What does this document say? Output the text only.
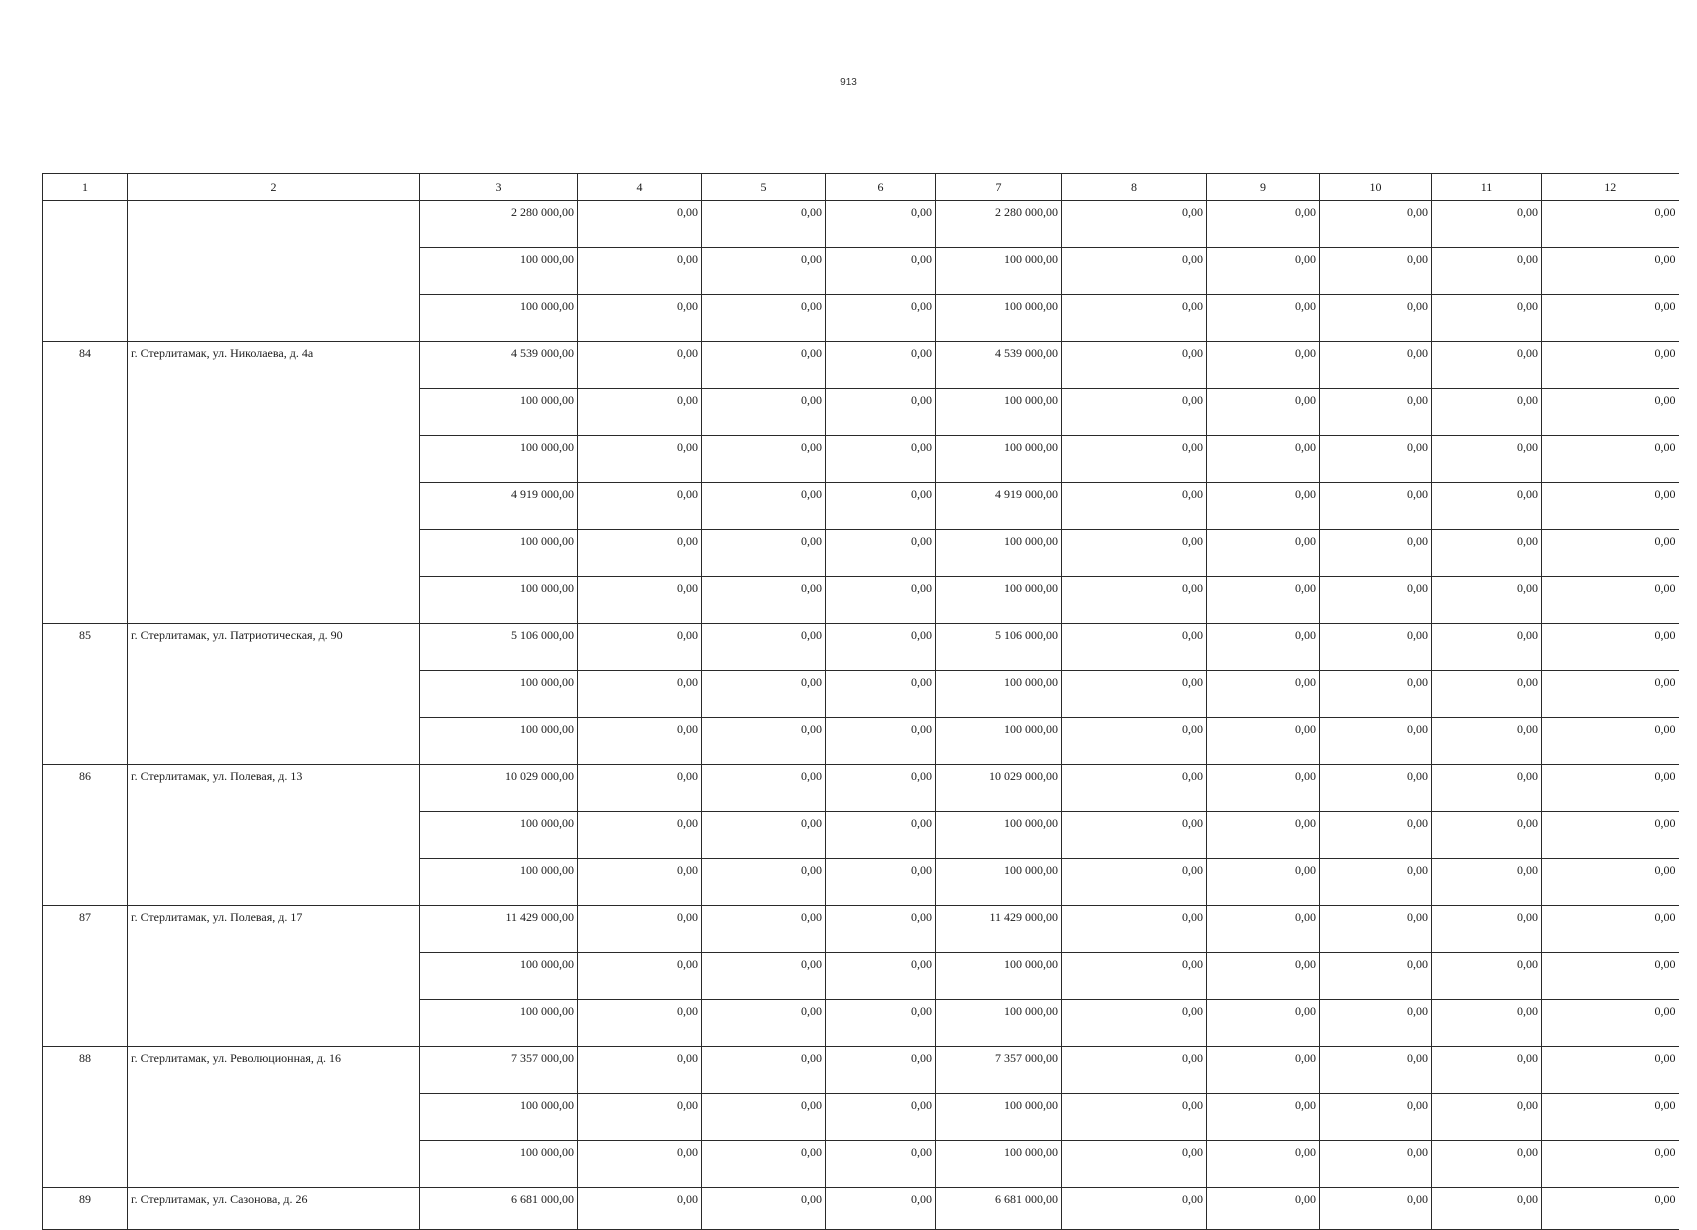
913
1	2	3	4	5	6	7	8	9	10	11	12
		2 280 000,00	0,00	0,00	0,00	2 280 000,00	0,00	0,00	0,00	0,00	0,00
		100 000,00	0,00	0,00	0,00	100 000,00	0,00	0,00	0,00	0,00	0,00
		100 000,00	0,00	0,00	0,00	100 000,00	0,00	0,00	0,00	0,00	0,00
84	г. Стерлитамак, ул. Николаева, д. 4а	4 539 000,00	0,00	0,00	0,00	4 539 000,00	0,00	0,00	0,00	0,00	0,00
		100 000,00	0,00	0,00	0,00	100 000,00	0,00	0,00	0,00	0,00	0,00
		100 000,00	0,00	0,00	0,00	100 000,00	0,00	0,00	0,00	0,00	0,00
		4 919 000,00	0,00	0,00	0,00	4 919 000,00	0,00	0,00	0,00	0,00	0,00
		100 000,00	0,00	0,00	0,00	100 000,00	0,00	0,00	0,00	0,00	0,00
		100 000,00	0,00	0,00	0,00	100 000,00	0,00	0,00	0,00	0,00	0,00
85	г. Стерлитамак, ул. Патриотическая, д. 90	5 106 000,00	0,00	0,00	0,00	5 106 000,00	0,00	0,00	0,00	0,00	0,00
		100 000,00	0,00	0,00	0,00	100 000,00	0,00	0,00	0,00	0,00	0,00
		100 000,00	0,00	0,00	0,00	100 000,00	0,00	0,00	0,00	0,00	0,00
86	г. Стерлитамак, ул. Полевая, д. 13	10 029 000,00	0,00	0,00	0,00	10 029 000,00	0,00	0,00	0,00	0,00	0,00
		100 000,00	0,00	0,00	0,00	100 000,00	0,00	0,00	0,00	0,00	0,00
		100 000,00	0,00	0,00	0,00	100 000,00	0,00	0,00	0,00	0,00	0,00
87	г. Стерлитамак, ул. Полевая, д. 17	11 429 000,00	0,00	0,00	0,00	11 429 000,00	0,00	0,00	0,00	0,00	0,00
		100 000,00	0,00	0,00	0,00	100 000,00	0,00	0,00	0,00	0,00	0,00
		100 000,00	0,00	0,00	0,00	100 000,00	0,00	0,00	0,00	0,00	0,00
88	г. Стерлитамак, ул. Революционная, д. 16	7 357 000,00	0,00	0,00	0,00	7 357 000,00	0,00	0,00	0,00	0,00	0,00
		100 000,00	0,00	0,00	0,00	100 000,00	0,00	0,00	0,00	0,00	0,00
		100 000,00	0,00	0,00	0,00	100 000,00	0,00	0,00	0,00	0,00	0,00
89	г. Стерлитамак, ул. Сазонова, д. 26	6 681 000,00	0,00	0,00	0,00	6 681 000,00	0,00	0,00	0,00	0,00	0,00
